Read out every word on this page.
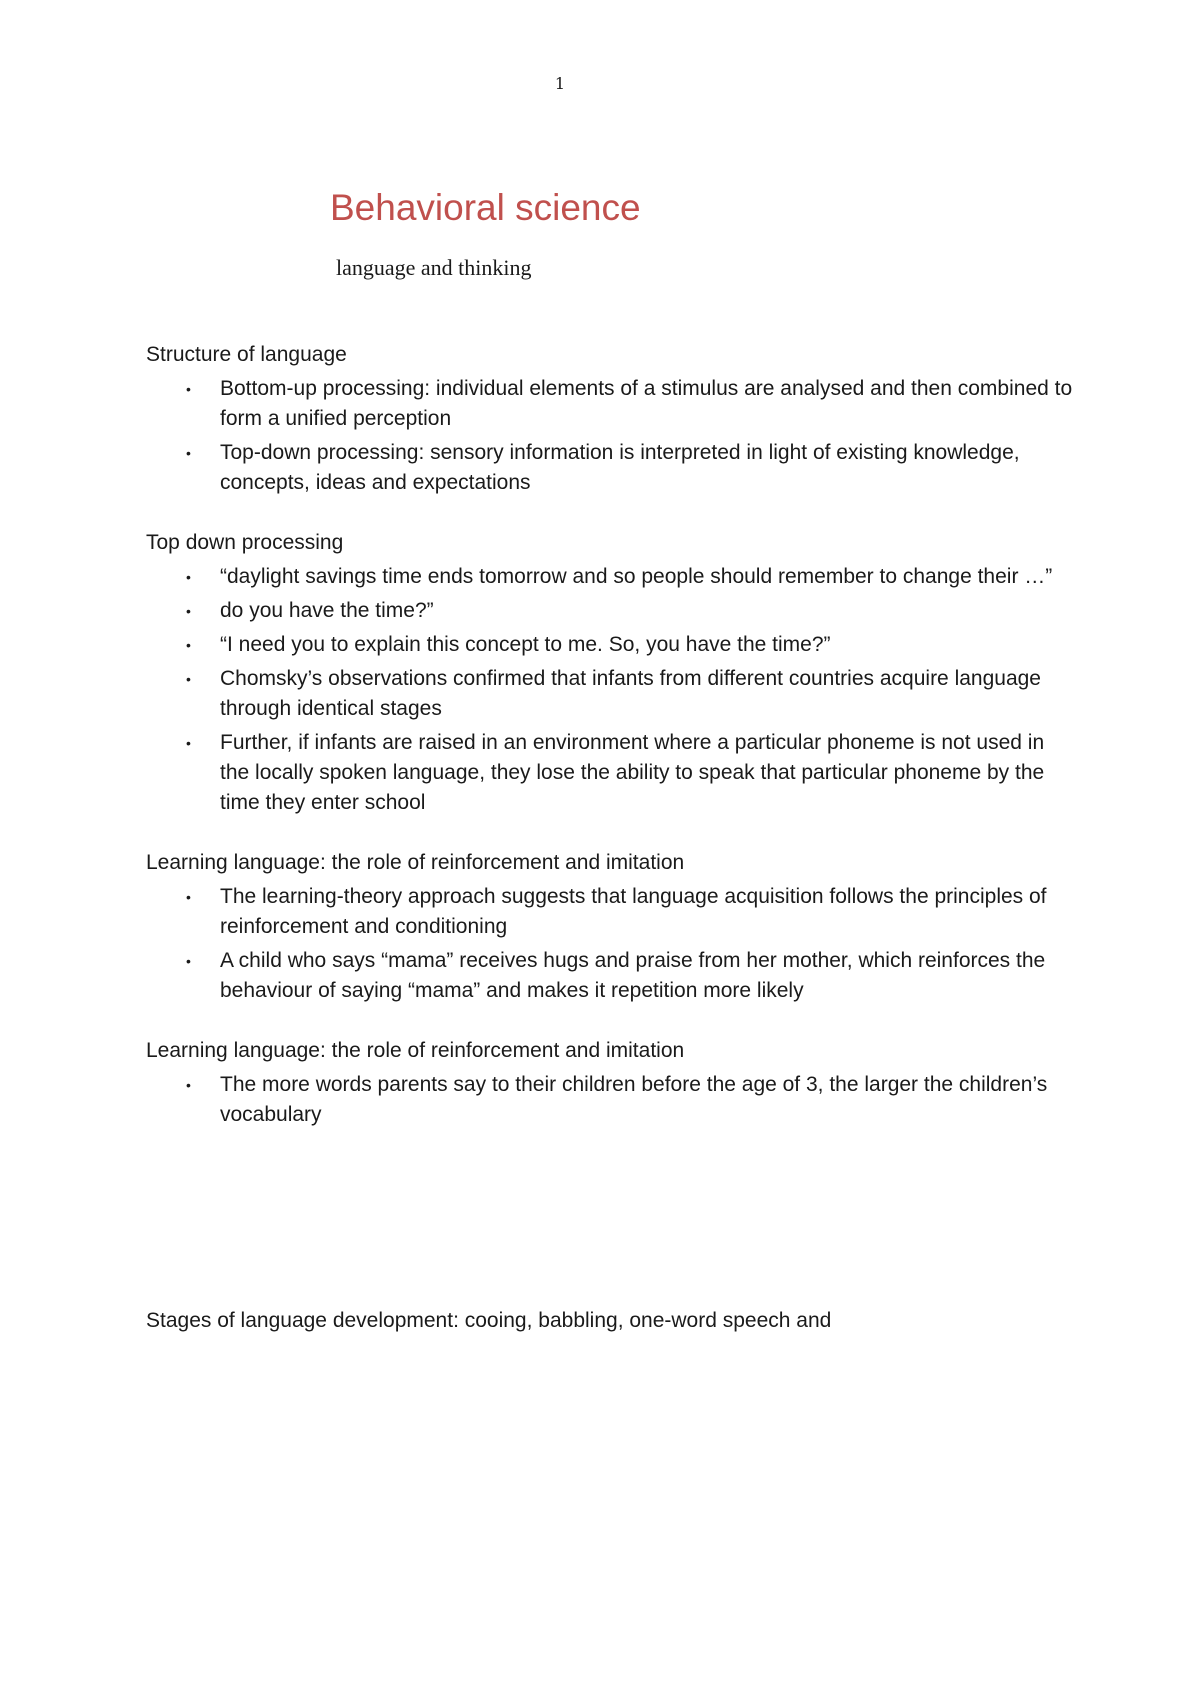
1
Behavioral science
language and thinking
Structure of language
• Bottom-up processing: individual elements of a stimulus are analysed and then combined to form a unified perception
• Top-down processing: sensory information is interpreted in light of existing knowledge, concepts, ideas and expectations
Top down processing
• “daylight savings time ends tomorrow and so people should remember to change their …”
• do you have the time?”
• “I need you to explain this concept to me. So, you have the time?”
• Chomsky’s observations confirmed that infants from different countries acquire language through identical stages
• Further, if infants are raised in an environment where a particular phoneme is not used in the locally spoken language, they lose the ability to speak that particular phoneme by the time they enter school
Learning language: the role of reinforcement and imitation
• The learning-theory approach suggests that language acquisition follows the principles of reinforcement and conditioning
• A child who says “mama” receives hugs and praise from her mother, which reinforces the behaviour of saying “mama” and makes it repetition more likely
Learning language: the role of reinforcement and imitation
• The more words parents say to their children before the age of 3, the larger the children’s vocabulary
Stages of language development: cooing, babbling, one-word speech and
